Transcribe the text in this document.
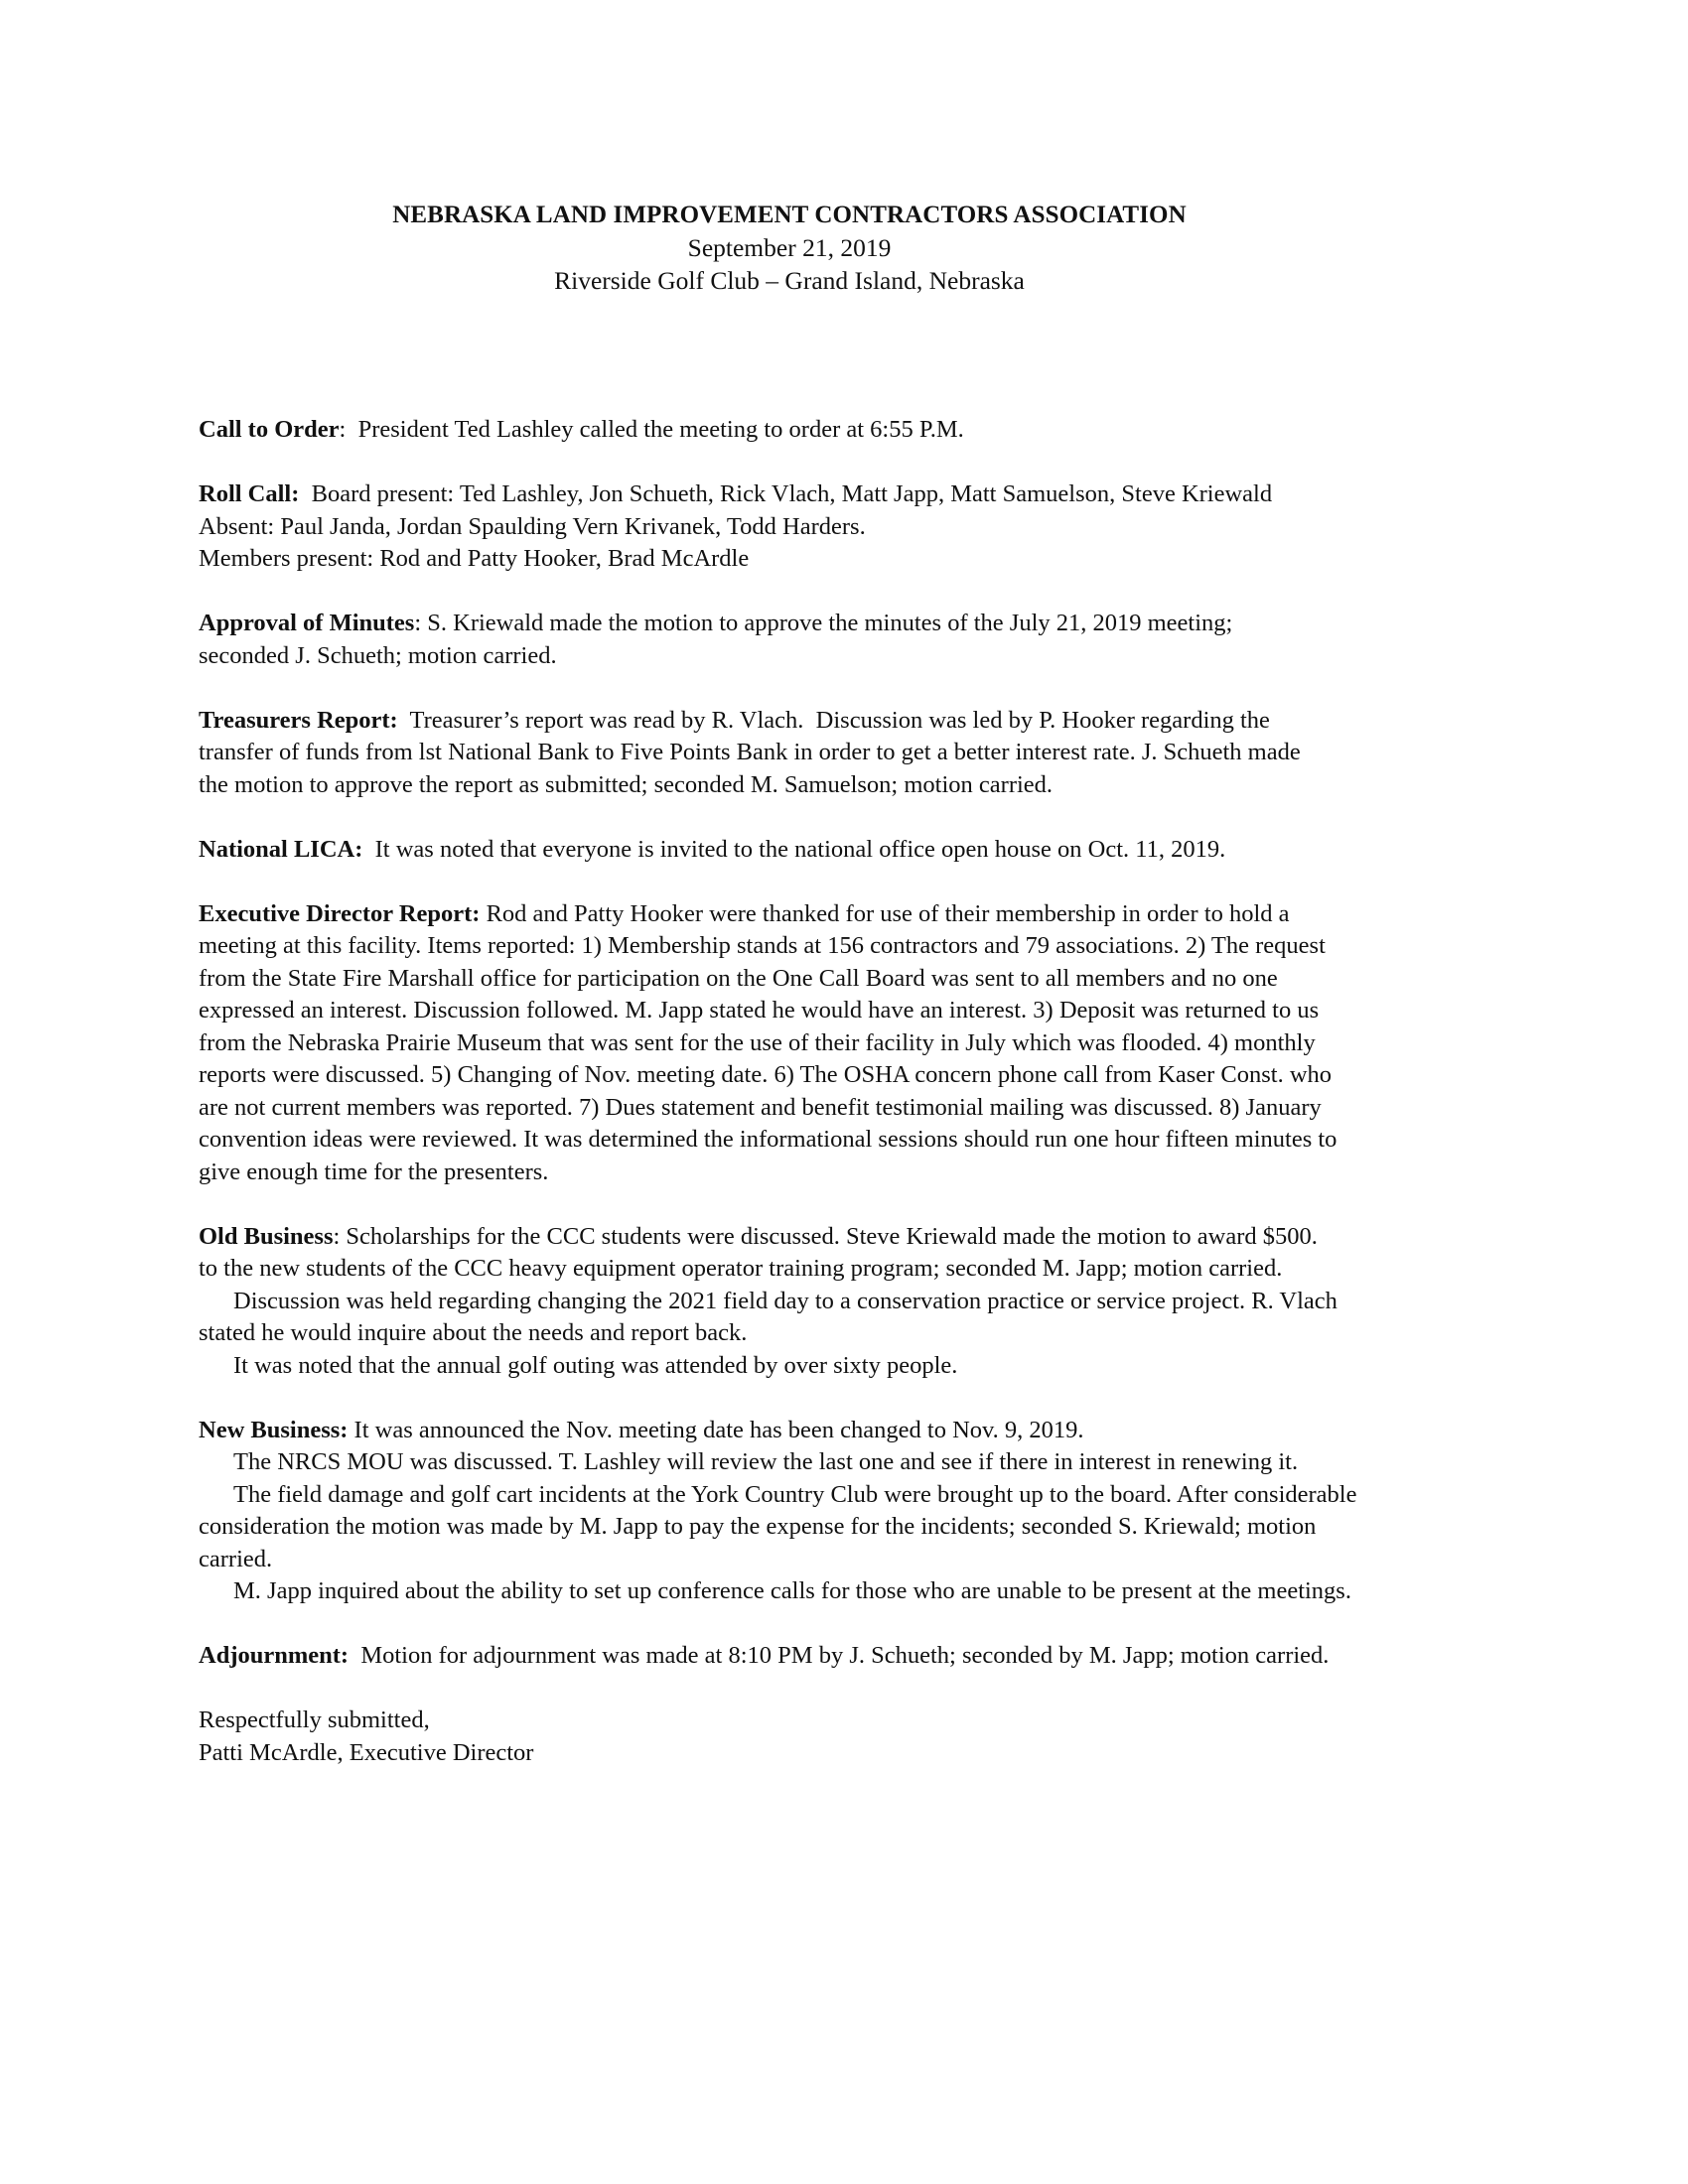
NEBRASKA LAND IMPROVEMENT CONTRACTORS ASSOCIATION
September 21, 2019
Riverside Golf Club – Grand Island, Nebraska
Call to Order:  President Ted Lashley called the meeting to order at 6:55 P.M.
Roll Call:  Board present: Ted Lashley, Jon Schueth, Rick Vlach, Matt Japp, Matt Samuelson, Steve Kriewald
Absent: Paul Janda, Jordan Spaulding Vern Krivanek, Todd Harders.
Members present: Rod and Patty Hooker, Brad McArdle
Approval of Minutes: S. Kriewald made the motion to approve the minutes of the July 21, 2019 meeting;
seconded J. Schueth; motion carried.
Treasurers Report:  Treasurer’s report was read by R. Vlach.  Discussion was led by P. Hooker regarding the
transfer of funds from lst National Bank to Five Points Bank in order to get a better interest rate. J. Schueth made
the motion to approve the report as submitted; seconded M. Samuelson; motion carried.
National LICA:  It was noted that everyone is invited to the national office open house on Oct. 11, 2019.
Executive Director Report: Rod and Patty Hooker were thanked for use of their membership in order to hold a
meeting at this facility. Items reported: 1) Membership stands at 156 contractors and 79 associations. 2) The request
from the State Fire Marshall office for participation on the One Call Board was sent to all members and no one
expressed an interest. Discussion followed. M. Japp stated he would have an interest. 3) Deposit was returned to us
from the Nebraska Prairie Museum that was sent for the use of their facility in July which was flooded. 4) monthly
reports were discussed. 5) Changing of Nov. meeting date. 6) The OSHA concern phone call from Kaser Const. who
are not current members was reported. 7) Dues statement and benefit testimonial mailing was discussed. 8) January
convention ideas were reviewed. It was determined the informational sessions should run one hour fifteen minutes to
give enough time for the presenters.
Old Business: Scholarships for the CCC students were discussed. Steve Kriewald made the motion to award $500.
to the new students of the CCC heavy equipment operator training program; seconded M. Japp; motion carried.
Discussion was held regarding changing the 2021 field day to a conservation practice or service project. R. Vlach
stated he would inquire about the needs and report back.
It was noted that the annual golf outing was attended by over sixty people.
New Business: It was announced the Nov. meeting date has been changed to Nov. 9, 2019.
The NRCS MOU was discussed. T. Lashley will review the last one and see if there in interest in renewing it.
The field damage and golf cart incidents at the York Country Club were brought up to the board. After considerable
consideration the motion was made by M. Japp to pay the expense for the incidents; seconded S. Kriewald; motion
carried.
M. Japp inquired about the ability to set up conference calls for those who are unable to be present at the meetings.
Adjournment:  Motion for adjournment was made at 8:10 PM by J. Schueth; seconded by M. Japp; motion carried.
Respectfully submitted,
Patti McArdle, Executive Director
